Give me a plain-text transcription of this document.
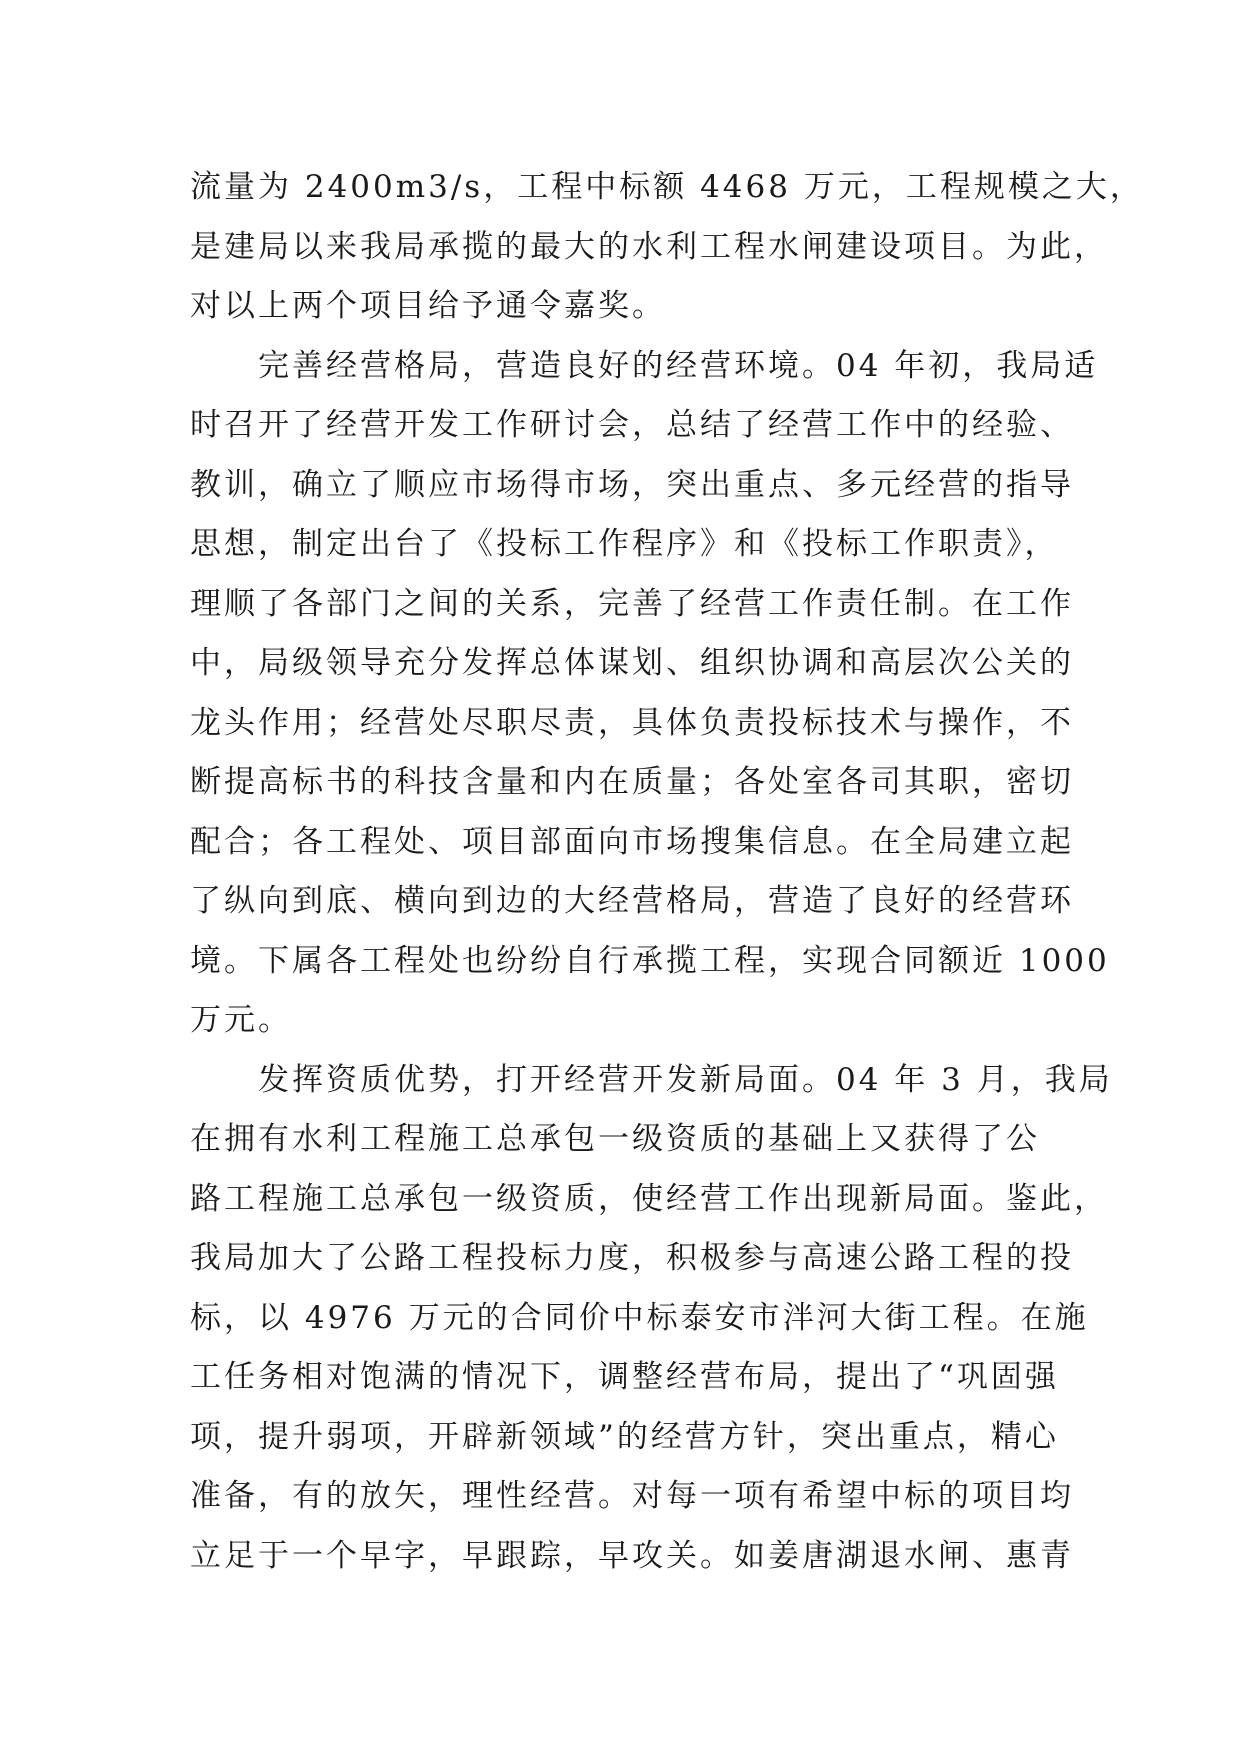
流量为 2400m3/s，工程中标额 4468 万元，工程规模之大，
是建局以来我局承揽的最大的水利工程水闸建设项目。为此，
对以上两个项目给予通令嘉奖。
　　完善经营格局，营造良好的经营环境。04 年初，我局适
时召开了经营开发工作研讨会，总结了经营工作中的经验、
教训，确立了顺应市场得市场，突出重点、多元经营的指导
思想，制定出台了《投标工作程序》和《投标工作职责》，
理顺了各部门之间的关系，完善了经营工作责任制。在工作
中，局级领导充分发挥总体谋划、组织协调和高层次公关的
龙头作用；经营处尽职尽责，具体负责投标技术与操作，不
断提高标书的科技含量和内在质量；各处室各司其职，密切
配合；各工程处、项目部面向市场搜集信息。在全局建立起
了纵向到底、横向到边的大经营格局，营造了良好的经营环
境。下属各工程处也纷纷自行承揽工程，实现合同额近 1000
万元。
　　发挥资质优势，打开经营开发新局面。04 年 3 月，我局
在拥有水利工程施工总承包一级资质的基础上又获得了公
路工程施工总承包一级资质，使经营工作出现新局面。鉴此，
我局加大了公路工程投标力度，积极参与高速公路工程的投
标，以 4976 万元的合同价中标泰安市泮河大街工程。在施
工任务相对饱满的情况下，调整经营布局，提出了“巩固强
项，提升弱项，开辟新领域”的经营方针，突出重点，精心
准备，有的放矢，理性经营。对每一项有希望中标的项目均
立足于一个早字，早跟踪，早攻关。如姜唐湖退水闸、惠青
